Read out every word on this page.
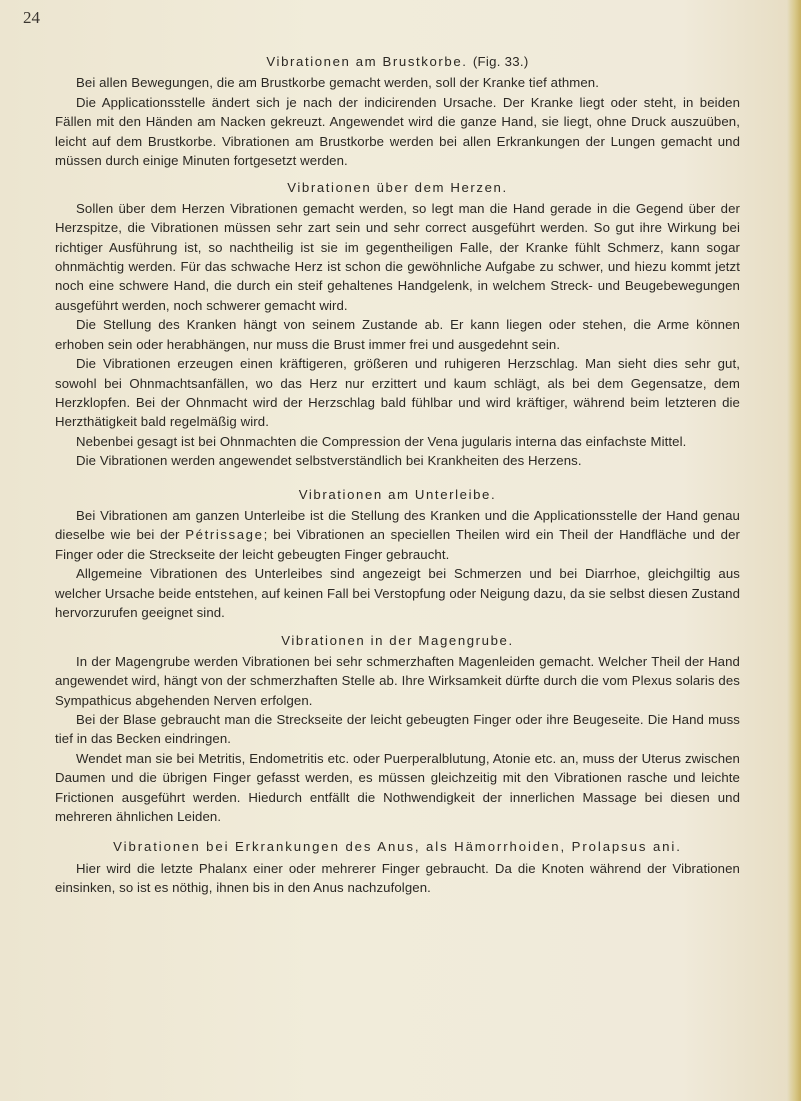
24
Vibrationen am Brustkorbe. (Fig. 33.)

Bei allen Bewegungen, die am Brustkorbe gemacht werden, soll der Kranke tief athmen.

Die Applicationsstelle ändert sich je nach der indicirenden Ursache. Der Kranke liegt oder steht, in beiden Fällen mit den Händen am Nacken gekreuzt. Angewendet wird die ganze Hand, sie liegt, ohne Druck auszuüben, leicht auf dem Brustkorbe. Vibrationen am Brustkorbe werden bei allen Erkrankungen der Lungen gemacht und müssen durch einige Minuten fortgesetzt werden.

Vibrationen über dem Herzen.

Sollen über dem Herzen Vibrationen gemacht werden, so legt man die Hand gerade in die Gegend über der Herzspitze, die Vibrationen müssen sehr zart sein und sehr correct ausgeführt werden. So gut ihre Wirkung bei richtiger Ausführung ist, so nachtheilig ist sie im gegentheiligen Falle, der Kranke fühlt Schmerz, kann sogar ohnmächtig werden. Für das schwache Herz ist schon die gewöhnliche Aufgabe zu schwer, und hiezu kommt jetzt noch eine schwere Hand, die durch ein steif gehaltenes Handgelenk, in welchem Streck- und Beugebewegungen ausgeführt werden, noch schwerer gemacht wird.

Die Stellung des Kranken hängt von seinem Zustande ab. Er kann liegen oder stehen, die Arme können erhoben sein oder herabhängen, nur muss die Brust immer frei und ausgedehnt sein.

Die Vibrationen erzeugen einen kräftigeren, größeren und ruhigeren Herzschlag. Man sieht dies sehr gut, sowohl bei Ohnmachtsanfällen, wo das Herz nur erzittert und kaum schlägt, als bei dem Gegensatze, dem Herzklopfen. Bei der Ohnmacht wird der Herzschlag bald fühlbar und wird kräftiger, während beim letzteren die Herzthätigkeit bald regelmäßig wird.

Nebenbei gesagt ist bei Ohnmachten die Compression der Vena jugularis interna das einfachste Mittel.

Die Vibrationen werden angewendet selbstverständlich bei Krankheiten des Herzens.

Vibrationen am Unterleibe.

Bei Vibrationen am ganzen Unterleibe ist die Stellung des Kranken und die Applicationsstelle der Hand genau dieselbe wie bei der Pétrissage; bei Vibrationen an speciellen Theilen wird ein Theil der Handfläche und der Finger oder die Streckseite der leicht gebeugten Finger gebraucht.

Allgemeine Vibrationen des Unterleibes sind angezeigt bei Schmerzen und bei Diarrhoe, gleichgiltig aus welcher Ursache beide entstehen, auf keinen Fall bei Verstopfung oder Neigung dazu, da sie selbst diesen Zustand hervorzurufen geeignet sind.

Vibrationen in der Magengrube.

In der Magengrube werden Vibrationen bei sehr schmerzhaften Magenleiden gemacht. Welcher Theil der Hand angewendet wird, hängt von der schmerzhaften Stelle ab. Ihre Wirksamkeit dürfte durch die vom Plexus solaris des Sympathicus abgehenden Nerven erfolgen.

Bei der Blase gebraucht man die Streckseite der leicht gebeugten Finger oder ihre Beugeseite. Die Hand muss tief in das Becken eindringen.

Wendet man sie bei Metritis, Endometritis etc. oder Puerperalblutung, Atonie etc. an, muss der Uterus zwischen Daumen und die übrigen Finger gefasst werden, es müssen gleichzeitig mit den Vibrationen rasche und leichte Frictionen ausgeführt werden. Hiedurch entfällt die Nothwendigkeit der innerlichen Massage bei diesen und mehreren ähnlichen Leiden.

Vibrationen bei Erkrankungen des Anus, als Hämorrhoiden, Prolapsus ani.

Hier wird die letzte Phalanx einer oder mehrerer Finger gebraucht. Da die Knoten während der Vibrationen einsinken, so ist es nöthig, ihnen bis in den Anus nachzufolgen.
